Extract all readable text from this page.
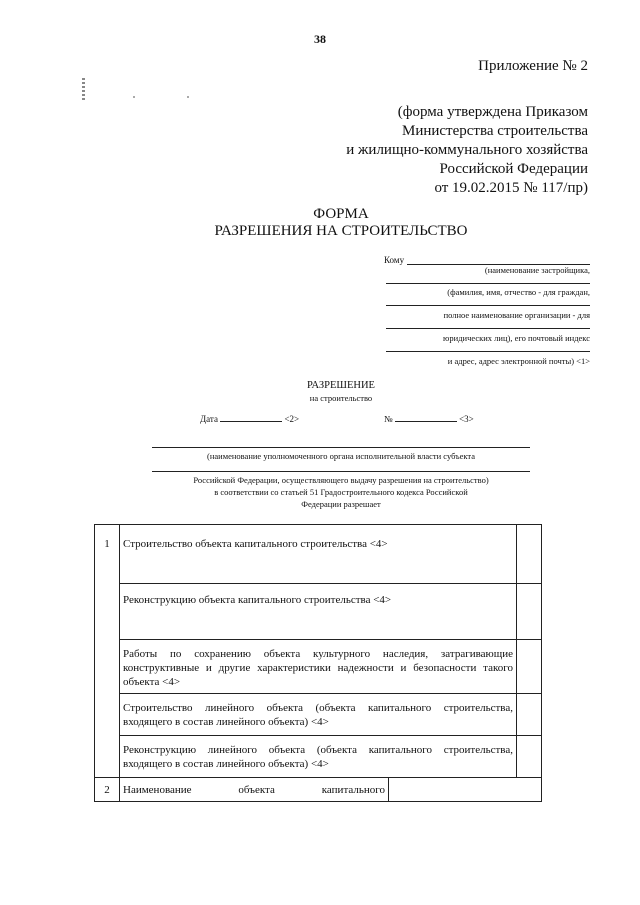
38
Приложение № 2
(форма утверждена Приказом
Министерства строительства
и жилищно-коммунального хозяйства
Российской Федерации
от 19.02.2015 № 117/пр)
ФОРМА
РАЗРЕШЕНИЯ НА СТРОИТЕЛЬСТВО
Кому
(наименование застройщика,
(фамилия, имя, отчество - для граждан,
полное наименование организации - для
юридических лиц), его почтовый индекс
и адрес, адрес электронной почты) <1>
РАЗРЕШЕНИЕ
на строительство
Дата	<2>	№	<3>
(наименование уполномоченного органа исполнительной власти субъекта
Российской Федерации, осуществляющего выдачу разрешения на строительство)
в соответствии со статьей 51 Градостроительного кодекса Российской
Федерации разрешает
1	Строительство объекта капитального строительства <4>	
	Реконструкцию объекта капитального строительства <4>	
	Работы по сохранению объекта культурного наследия, затрагивающие конструктивные и другие характеристики надежности и безопасности такого объекта <4>	
	Строительство линейного объекта (объекта капитального строительства, входящего в состав линейного объекта) <4>	
	Реконструкцию линейного объекта (объекта капитального строительства, входящего в состав линейного объекта) <4>	
2	Наименование объекта капитального	
